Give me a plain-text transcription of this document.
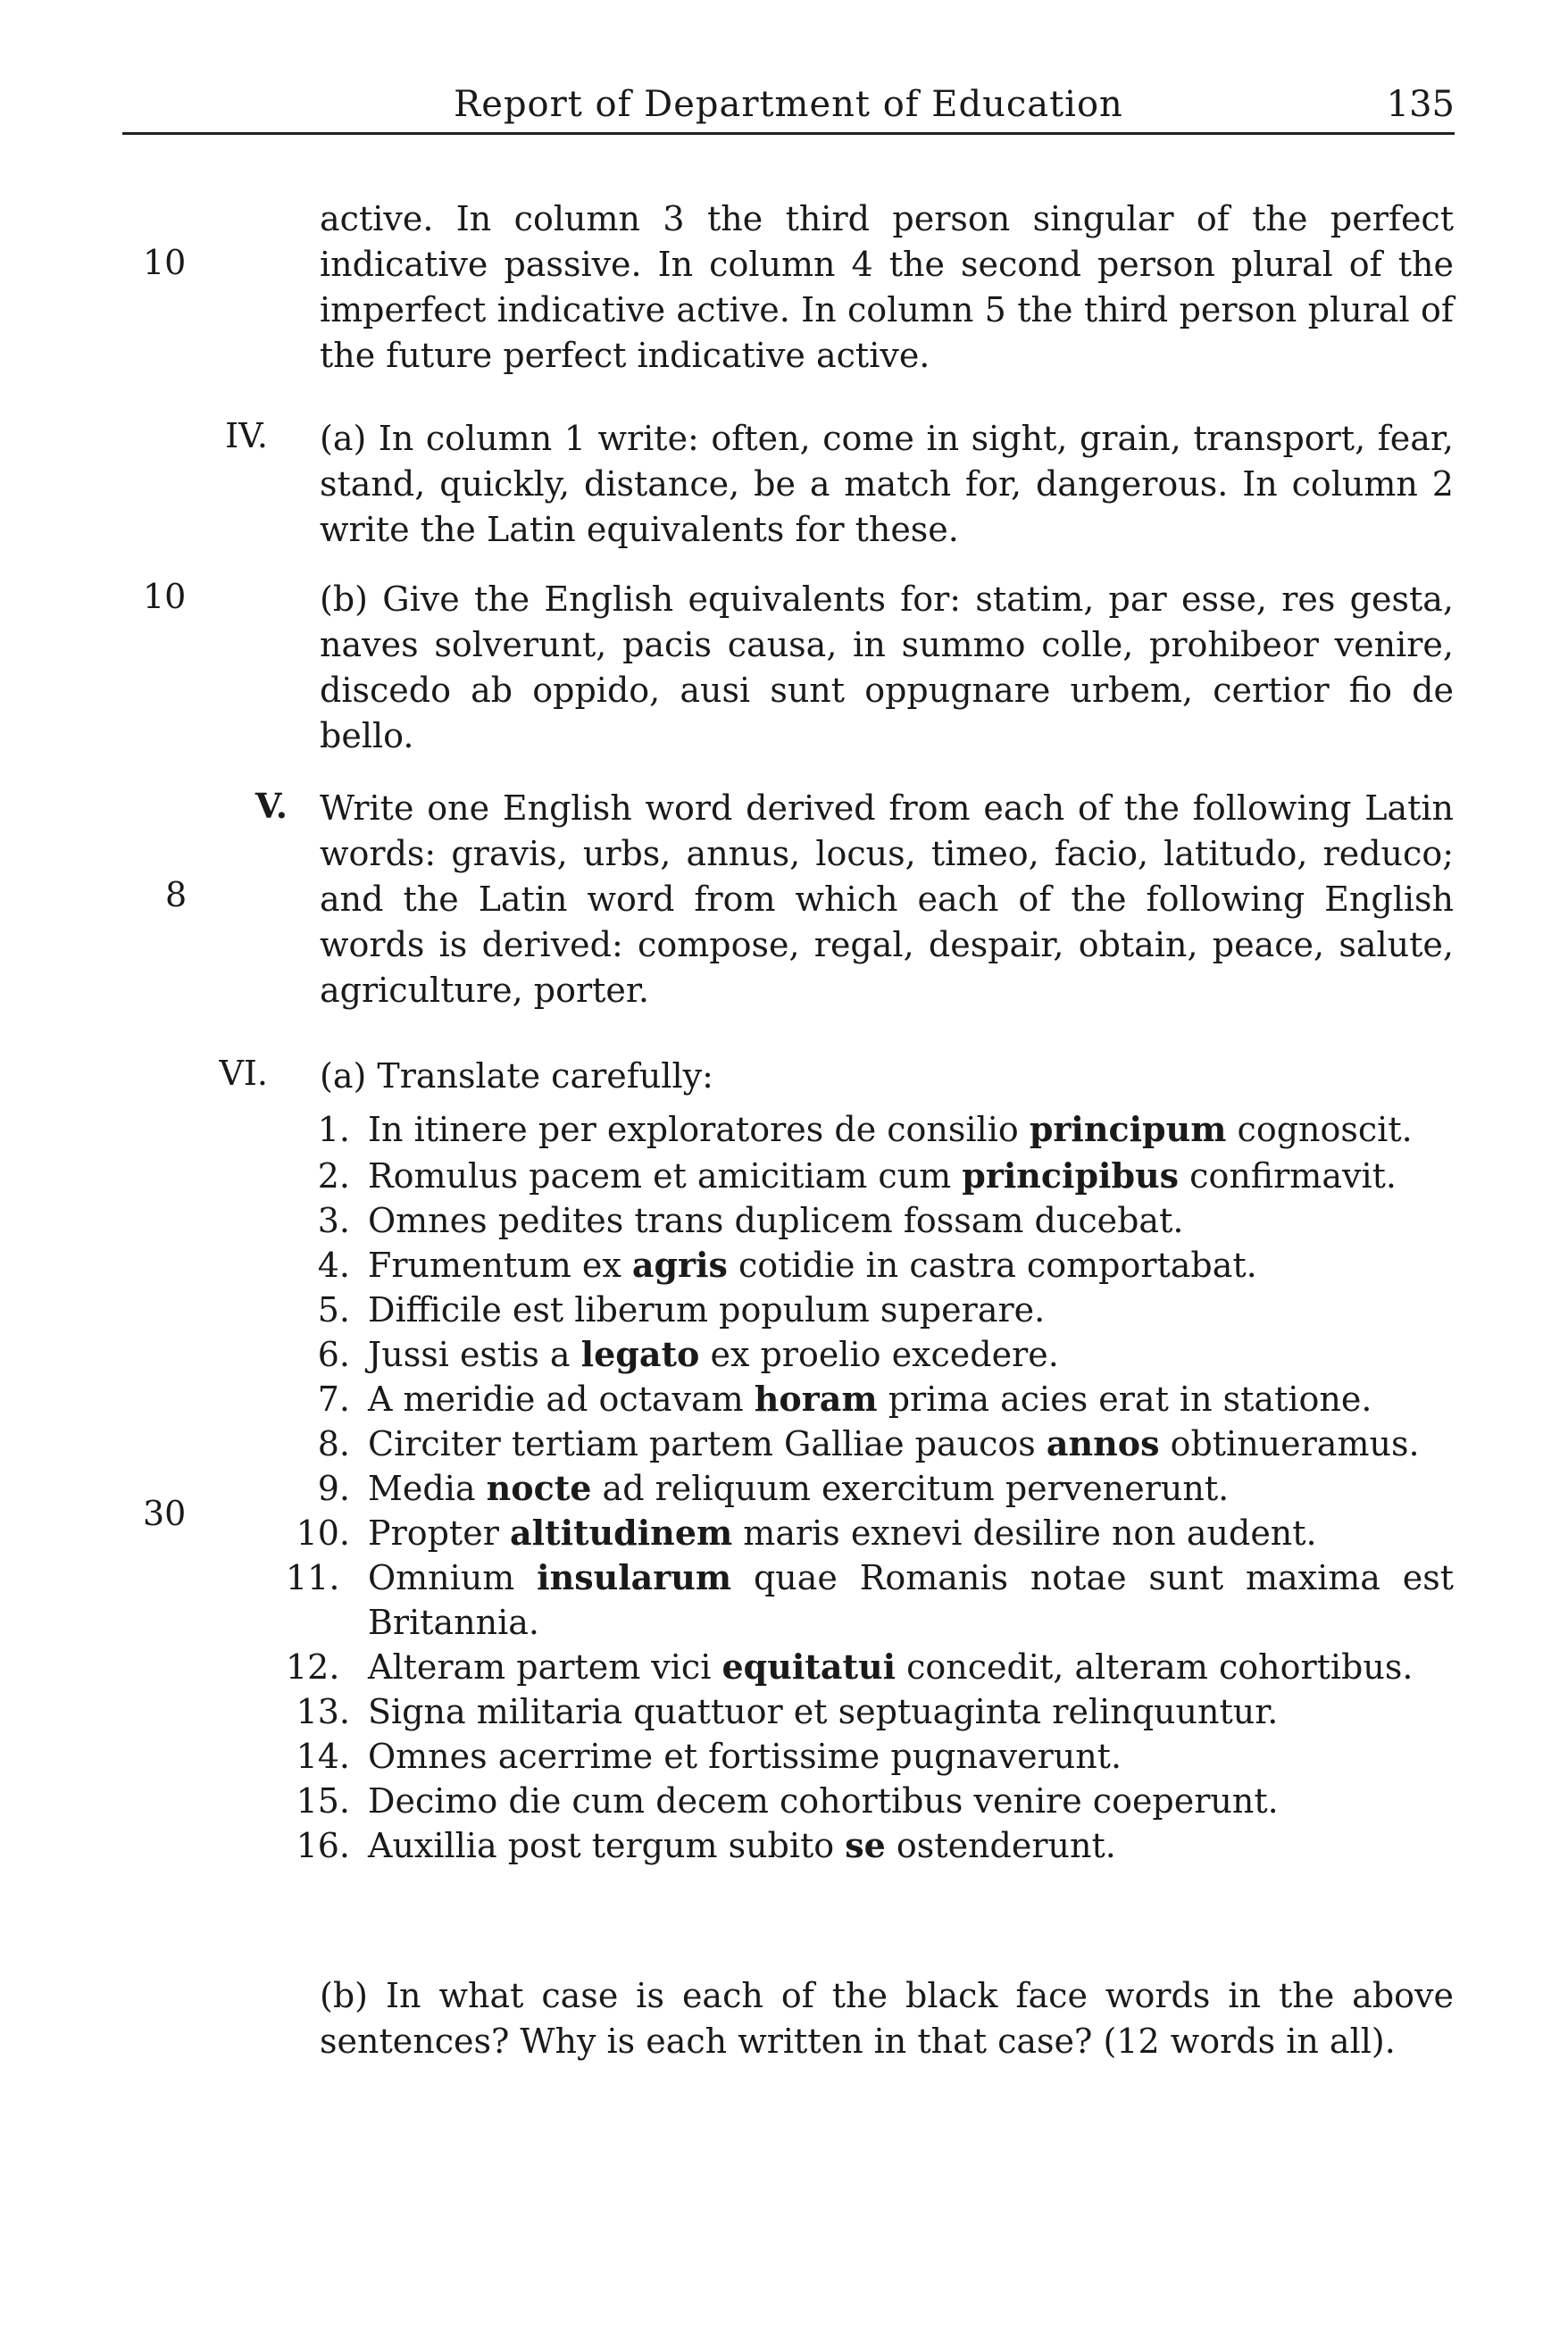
Report of Department of Education	135
10
10
8
30

active. In column 3 the third person singular of the perfect indicative passive. In column 4 the second person plural of the imperfect indicative active. In column 5 the third person plural of the future perfect indicative active.

IV. (a) In column 1 write: often, come in sight, grain, transport, fear, stand, quickly, distance, be a match for, dangerous. In column 2 write the Latin equivalents for these.

(b) Give the English equivalents for: statim, par esse, res gesta, naves solverunt, pacis causa, in summo colle, prohibeor venire, discedo ab oppido, ausi sunt oppugnare urbem, certior fio de bello.

V. Write one English word derived from each of the following Latin words: gravis, urbs, annus, locus, timeo, facio, latitudo, reduco; and the Latin word from which each of the following English words is derived: compose, regal, despair, obtain, peace, salute, agriculture, porter.

VI. (a) Translate carefully:

1. In itinere per exploratores de consilio principum cognoscit.
2. Romulus pacem et amicitiam cum principibus confirmavit.
3. Omnes pedites trans duplicem fossam ducebat.
4. Frumentum ex agris cotidie in castra comportabat.
5. Difficile est liberum populum superare.
6. Jussi estis a legato ex proelio excedere.
7. A meridie ad octavam horam prima acies erat in statione.
8. Circiter tertiam partem Galliae paucos annos obtinueramus.
9. Media nocte ad reliquum exercitum pervenerunt.
10. Propter altitudinem maris exnevi desilire non audent.
11. Omnium insularum quae Romanis notae sunt maxima est Britannia.
12. Alteram partem vici equitatui concedit, alteram cohortibus.
13. Signa militaria quattuor et septuaginta relinquuntur.
14. Omnes acerrime et fortissime pugnaverunt.
15. Decimo die cum decem cohortibus venire coeperunt.
16. Auxillia post tergum subito se ostenderunt.

(b) In what case is each of the black face words in the above sentences? Why is each written in that case? (12 words in all).
